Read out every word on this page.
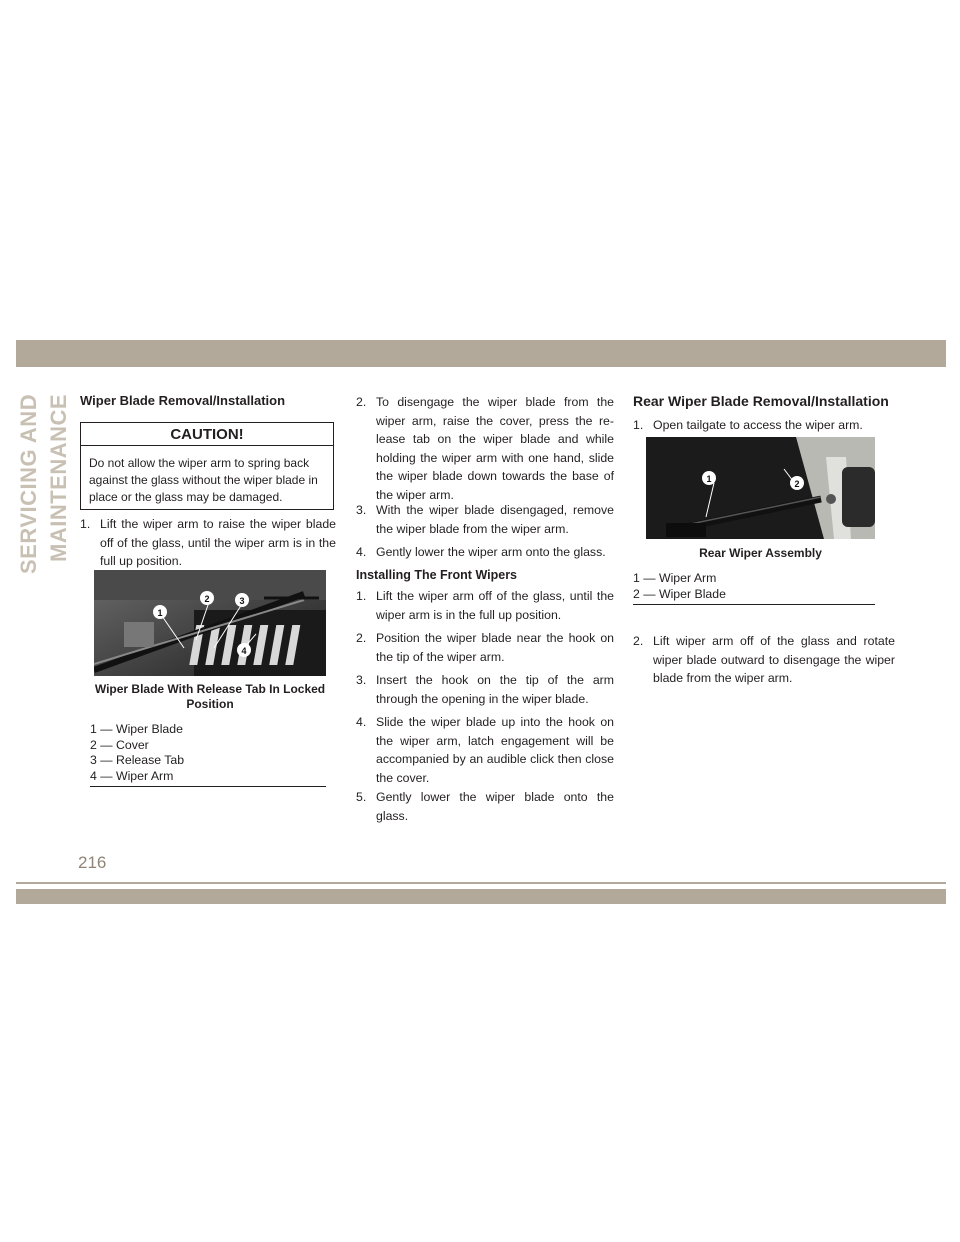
SERVICING AND MAINTENANCE Wiper Blade Removal/Installation
CAUTION!
Do not allow the wiper arm to spring back against the glass without the wiper blade in place or the glass may be damaged.
1. Lift the wiper arm to raise the wiper blade off of the glass, until the wiper arm is in the full up position.
1
2	3
4
Wiper Blade With Release Tab In Locked Position
1 — Wiper Blade
2 — Cover
3 — Release Tab
4 — Wiper Arm
2. To disengage the wiper blade from the wiper arm, raise the cover, press the re-lease tab on the wiper blade and while holding the wiper arm with one hand, slide the wiper blade down towards the base of the wiper arm.
3. With the wiper blade disengaged, remove the wiper blade from the wiper arm.
4. Gently lower the wiper arm onto the glass.
Installing The Front Wipers
1. Lift the wiper arm off of the glass, until the wiper arm is in the full up position.
2. Position the wiper blade near the hook on the tip of the wiper arm.
3. Insert the hook on the tip of the arm through the opening in the wiper blade.
4. Slide the wiper blade up into the hook on the wiper arm, latch engagement will be accompanied by an audible click then close the cover.
5. Gently lower the wiper blade onto the glass.
Rear Wiper Blade Removal/Installation
1. Open tailgate to access the wiper arm.
1	2
Rear Wiper Assembly
1 — Wiper Arm
2 — Wiper Blade
2. Lift wiper arm off of the glass and rotate wiper blade outward to disengage the wiper blade from the wiper arm.
216
